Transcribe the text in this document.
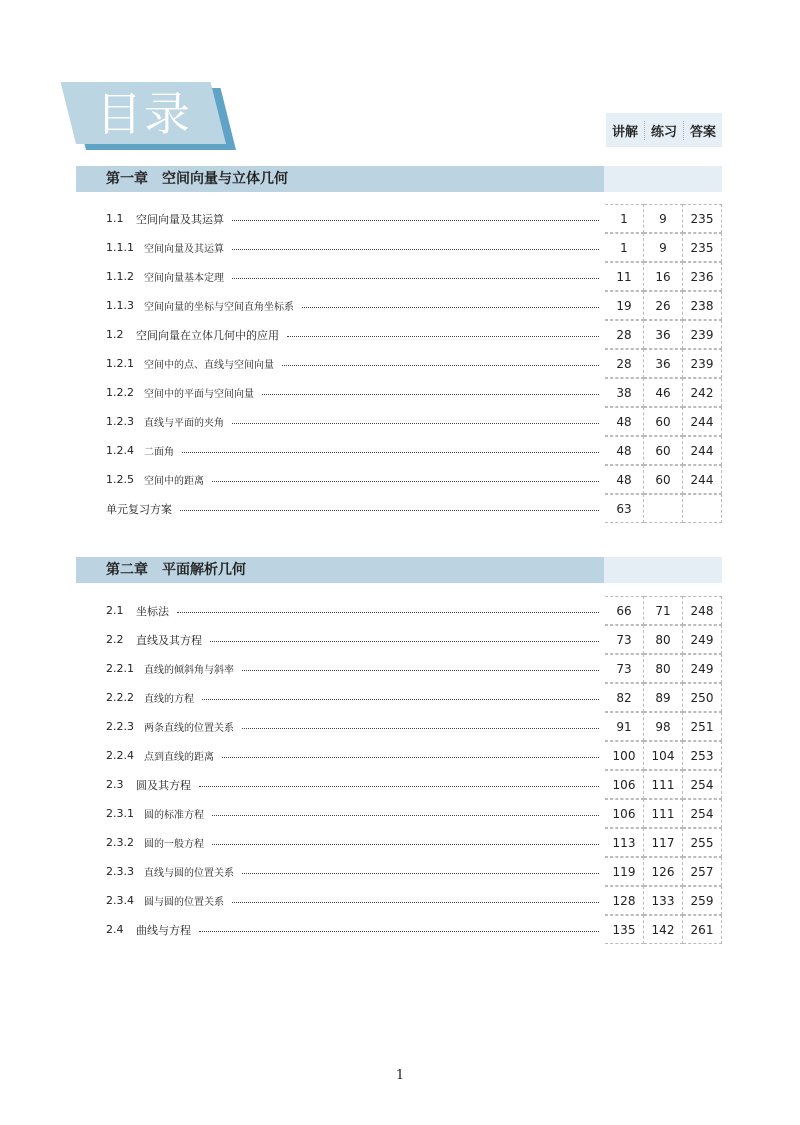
目录	讲解 练习 答案
第一章　空间向量与立体几何
1.1	空间向量及其运算	1	9	235
1.1.1	空间向量及其运算	1	9	235
1.1.2	空间向量基本定理	11	16	236
1.1.3	空间向量的坐标与空间直角坐标系	19	26	238
1.2	空间向量在立体几何中的应用	28	36	239
1.2.1	空间中的点、直线与空间向量	28	36	239
1.2.2	空间中的平面与空间向量	38	46	242
1.2.3	直线与平面的夹角	48	60	244
1.2.4	二面角	48	60	244
1.2.5	空间中的距离	48	60	244
单元复习方案	63
第二章　平面解析几何
2.1	坐标法	66	71	248
2.2	直线及其方程	73	80	249
2.2.1	直线的倾斜角与斜率	73	80	249
2.2.2	直线的方程	82	89	250
2.2.3	两条直线的位置关系	91	98	251
2.2.4	点到直线的距离	100	104	253
2.3	圆及其方程	106	111	254
2.3.1	圆的标准方程	106	111	254
2.3.2	圆的一般方程	113	117	255
2.3.3	直线与圆的位置关系	119	126	257
2.3.4	圆与圆的位置关系	128	133	259
2.4	曲线与方程	135	142	261
1
